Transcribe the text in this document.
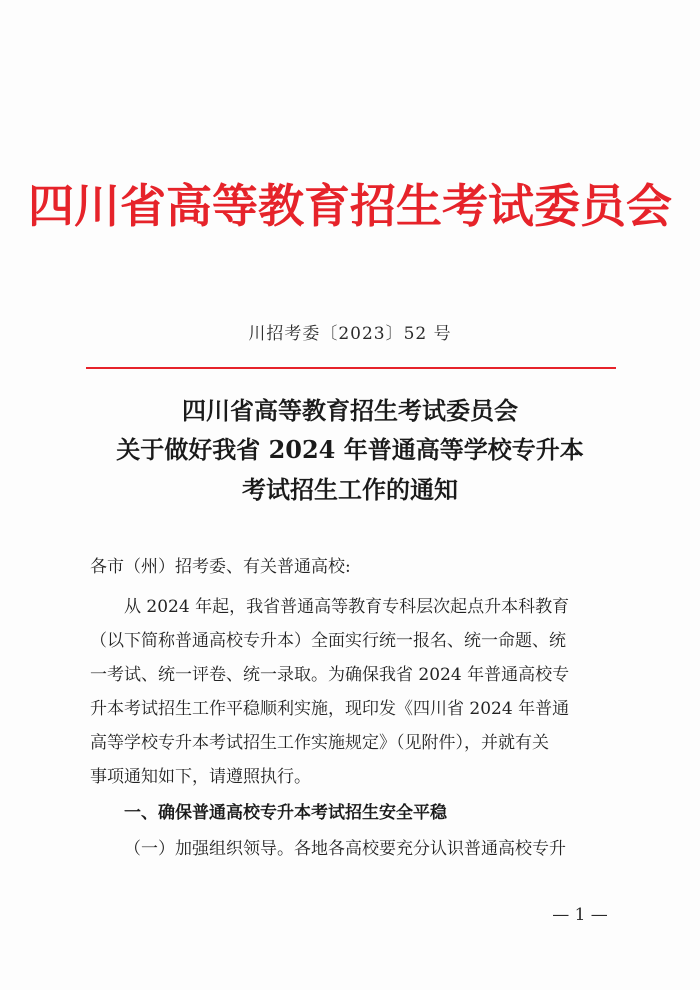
四川省高等教育招生考试委员会
川招考委〔2023〕52 号
四川省高等教育招生考试委员会
关于做好我省 2024 年普通高等学校专升本
考试招生工作的通知
各市（州）招考委、有关普通高校:
从 2024 年起，我省普通高等教育专科层次起点升本科教育
（以下简称普通高校专升本）全面实行统一报名、统一命题、统
一考试、统一评卷、统一录取。为确保我省 2024 年普通高校专
升本考试招生工作平稳顺利实施，现印发《四川省 2024 年普通
高等学校专升本考试招生工作实施规定》（见附件），并就有关
事项通知如下，请遵照执行。
一、确保普通高校专升本考试招生安全平稳
（一）加强组织领导。各地各高校要充分认识普通高校专升
— 1 —
